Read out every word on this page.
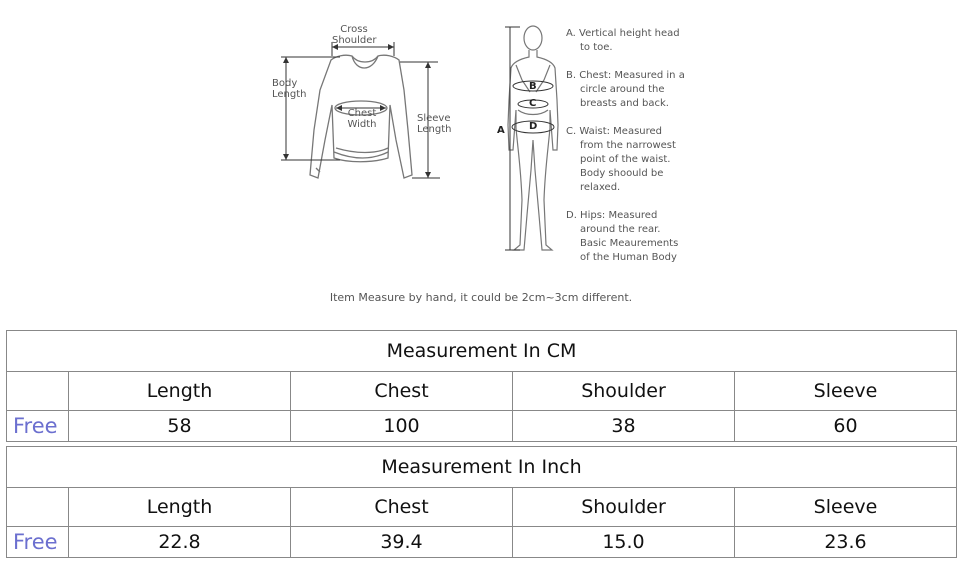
Cross
Shoulder
Body
Length
Chest
Width
Sleeve
Length	A
B
C
D

A. Vertical height head
to toe.

B. Chest: Measured in a
circle around the
breasts and back.

C. Waist: Measured
from the narrowest
point of the waist.
Body shoould be
relaxed.

D. Hips: Measured
around the rear.
Basic Meaurements
of the Human Body

Item Measure by hand, it could be 2cm~3cm different.
Measurement In CM				
	Length	Chest	Shoulder	Sleeve
Free	58	100	38	60
Measurement In Inch				
	Length	Chest	Shoulder	Sleeve
Free	22.8	39.4	15.0	23.6
